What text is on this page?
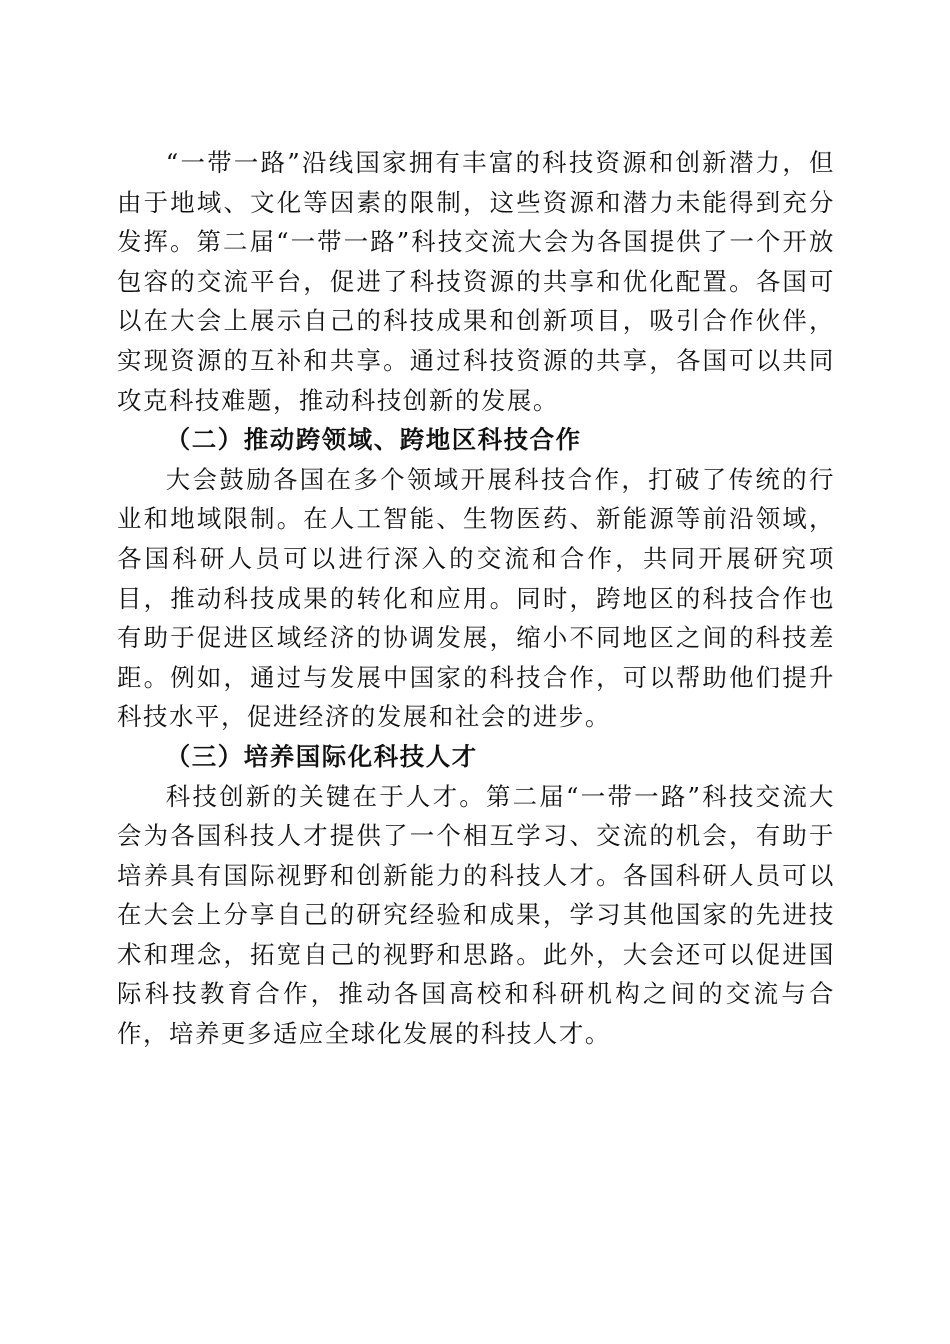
“一带一路”沿线国家拥有丰富的科技资源和创新潜力，但由于地域、文化等因素的限制，这些资源和潜力未能得到充分发挥。第二届“一带一路”科技交流大会为各国提供了一个开放包容的交流平台，促进了科技资源的共享和优化配置。各国可以在大会上展示自己的科技成果和创新项目，吸引合作伙伴，实现资源的互补和共享。通过科技资源的共享，各国可以共同攻克科技难题，推动科技创新的发展。

（二）推动跨领域、跨地区科技合作

大会鼓励各国在多个领域开展科技合作，打破了传统的行业和地域限制。在人工智能、生物医药、新能源等前沿领域，各国科研人员可以进行深入的交流和合作，共同开展研究项目，推动科技成果的转化和应用。同时，跨地区的科技合作也有助于促进区域经济的协调发展，缩小不同地区之间的科技差距。例如，通过与发展中国家的科技合作，可以帮助他们提升科技水平，促进经济的发展和社会的进步。

（三）培养国际化科技人才

科技创新的关键在于人才。第二届“一带一路”科技交流大会为各国科技人才提供了一个相互学习、交流的机会，有助于培养具有国际视野和创新能力的科技人才。各国科研人员可以在大会上分享自己的研究经验和成果，学习其他国家的先进技术和理念，拓宽自己的视野和思路。此外，大会还可以促进国际科技教育合作，推动各国高校和科研机构之间的交流与合作，培养更多适应全球化发展的科技人才。
